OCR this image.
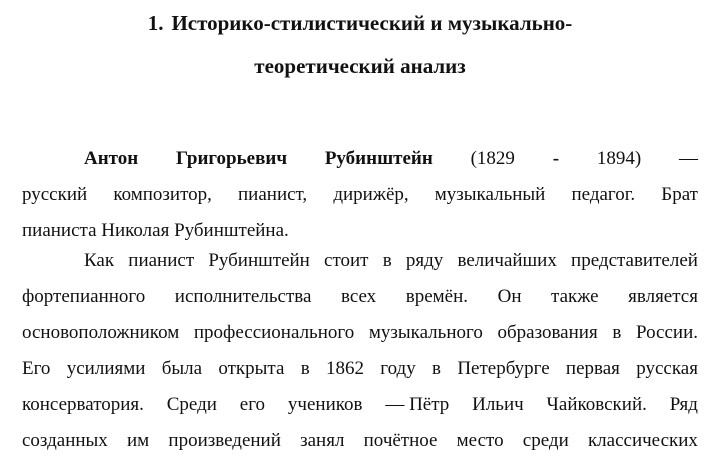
1. Историко-стилистический и музыкально-
теоретический анализ
Антон Григорьевич Рубинштейн (1829 - 1894) —
русский композитор, пианист, дирижёр, музыкальный педагог. Брат
пианиста
Николая
Рубинштейна.
Как пианист Рубинштейн стоит в ряду величайших представителей
фортепианного исполнительства всех времён. Он также является
основоположником профессионального музыкального образования в России.
Его усилиями была открыта в 1862 году в Петербурге первая русская
консерватория. Среди его учеников — Пётр Ильич Чайковский. Ряд
созданных им произведений занял почётное место среди классических
